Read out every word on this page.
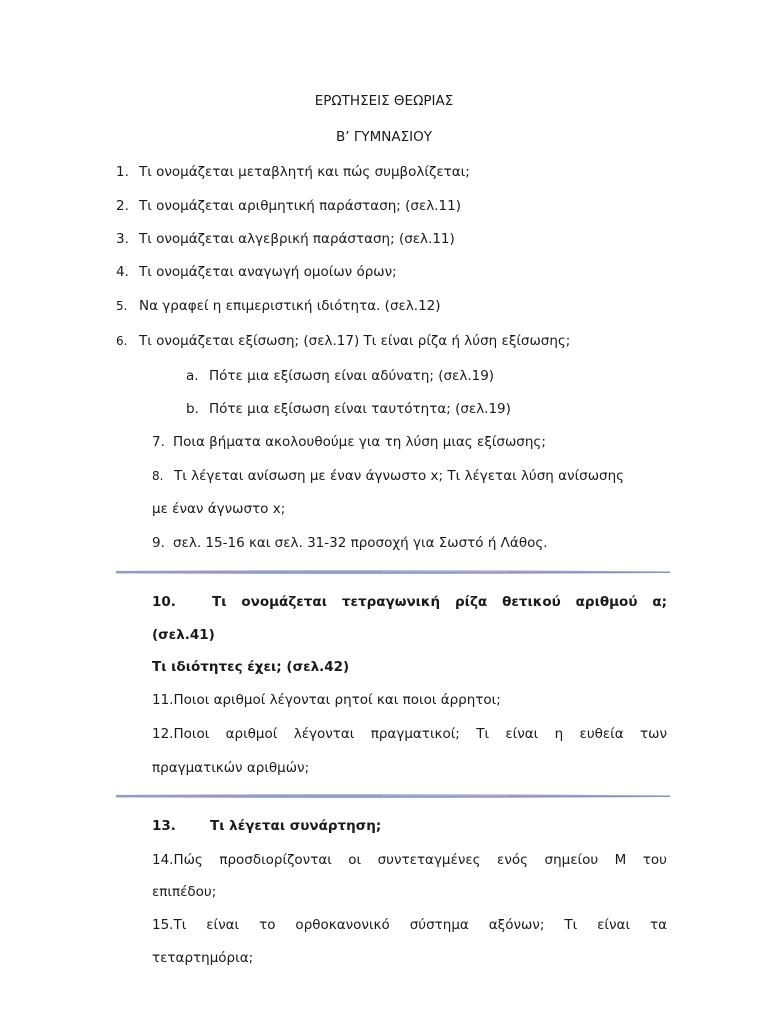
ΕΡΩΤΗΣΕΙΣ ΘΕΩΡΙΑΣ
Β’ ΓΥΜΝΑΣΙΟΥ
1. Τι ονομάζεται μεταβλητή και πώς συμβολίζεται;
2. Τι ονομάζεται αριθμητική παράσταση; (σελ.11)
3. Τι ονομάζεται αλγεβρική παράσταση; (σελ.11)
4. Τι ονομάζεται αναγωγή ομοίων όρων;
5. Να γραφεί η επιμεριστική ιδιότητα. (σελ.12)
6. Τι ονομάζεται εξίσωση; (σελ.17) Τι είναι ρίζα ή λύση εξίσωσης;
a. Πότε μια εξίσωση είναι αδύνατη; (σελ.19)
b. Πότε μια εξίσωση είναι ταυτότητα; (σελ.19)
7. Ποια βήματα ακολουθούμε για τη λύση μιας εξίσωσης;
8. Τι λέγεται ανίσωση με έναν άγνωστο x; Τι λέγεται λύση ανίσωσης
με έναν άγνωστο x;
9. σελ. 15-16 και σελ. 31-32 προσοχή για Σωστό ή Λάθος.
10.	Τι ονομάζεται τετραγωνική ρίζα θετικού αριθμού α;
(σελ.41)
Τι ιδιότητες έχει; (σελ.42)
11.Ποιοι αριθμοί λέγονται ρητοί και ποιοι άρρητοι;
12.Ποιοι αριθμοί λέγονται πραγματικοί; Τι είναι η ευθεία των
πραγματικών αριθμών;
13.	Τι λέγεται συνάρτηση;
14.Πώς προσδιορίζονται οι συντεταγμένες ενός σημείου Μ του
επιπέδου;
15.Τι είναι το ορθοκανονικό σύστημα αξόνων; Τι είναι τα
τεταρτημόρια;
